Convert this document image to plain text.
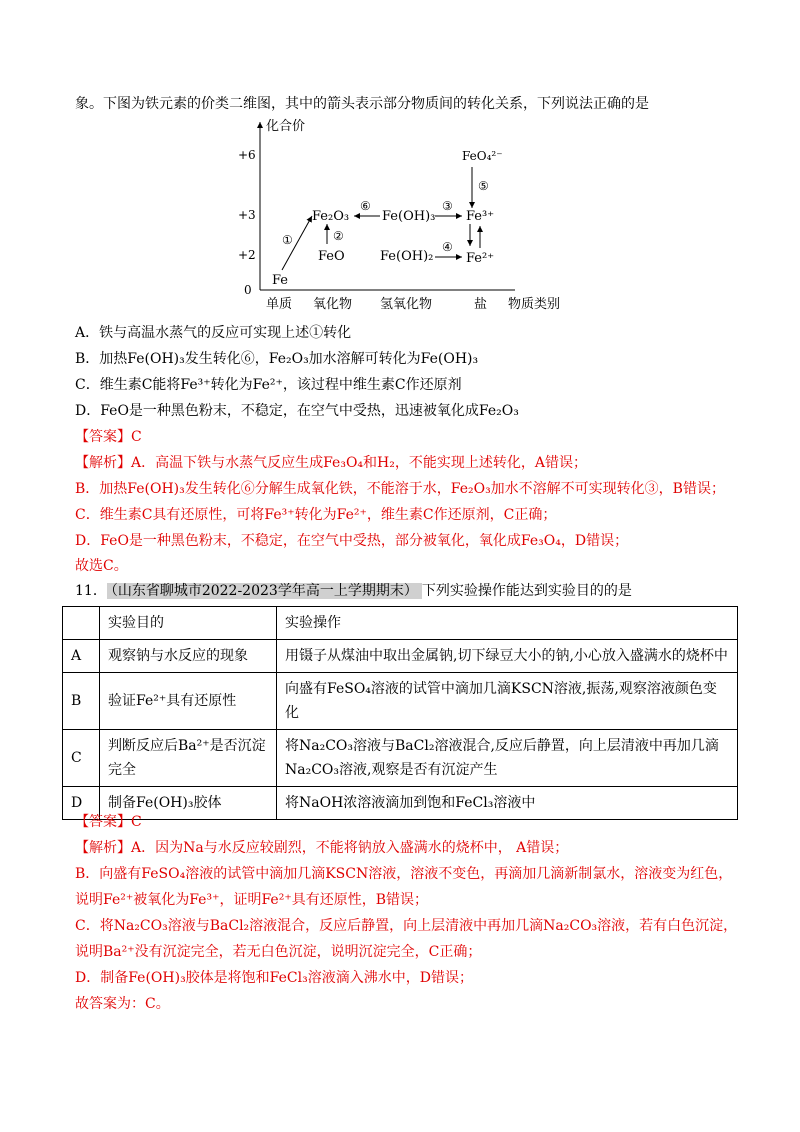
象。下图为铁元素的价类二维图，其中的箭头表示部分物质间的转化关系，下列说法正确的是
化合价
+6
+3
+2
0
单质 氧化物 氢氧化物	盐 物质类别
Fe
Fe₂O₃
FeO
Fe(OH)₃
Fe(OH)₂
Fe³⁺
Fe²⁺
FeO₄²⁻
①	②
⑥	③
④
⑤
A．铁与高温水蒸气的反应可实现上述①转化
B．加热Fe(OH)₃发生转化⑥，Fe₂O₃加水溶解可转化为Fe(OH)₃
C．维生素C能将Fe³⁺转化为Fe²⁺，该过程中维生素C作还原剂
D．FeO是一种黑色粉末，不稳定，在空气中受热，迅速被氧化成Fe₂O₃
【答案】C
【解析】A．高温下铁与水蒸气反应生成Fe₃O₄和H₂，不能实现上述转化，A错误；
B．加热Fe(OH)₃发生转化⑥分解生成氧化铁，不能溶于水，Fe₂O₃加水不溶解不可实现转化③，B错误；
C．维生素C具有还原性，可将Fe³⁺转化为Fe²⁺，维生素C作还原剂，C正确；
D．FeO是一种黑色粉末，不稳定，在空气中受热，部分被氧化，氧化成Fe₃O₄，D错误；
故选C。
11． （山东省聊城市2022-2023学年高一上学期期末） 下列实验操作能达到实验目的的是
	实验目的	实验操作
A	观察钠与水反应的现象	用镊子从煤油中取出金属钠,切下绿豆大小的钠,小心放入盛满水的烧杯中
B	验证Fe²⁺具有还原性	向盛有FeSO₄溶液的试管中滴加几滴KSCN溶液,振荡,观察溶液颜色变化
C	判断反应后Ba²⁺是否沉淀完全	将Na₂CO₃溶液与BaCl₂溶液混合,反应后静置，向上层清液中再加几滴Na₂CO₃溶液,观察是否有沉淀产生
D	制备Fe(OH)₃胶体	将NaOH浓溶液滴加到饱和FeCl₃溶液中
【答案】C
【解析】A．因为Na与水反应较剧烈，不能将钠放入盛满水的烧杯中， A错误；
B．向盛有FeSO₄溶液的试管中滴加几滴KSCN溶液，溶液不变色，再滴加几滴新制氯水，溶液变为红色，
说明Fe²⁺被氧化为Fe³⁺，证明Fe²⁺具有还原性，B错误；
C．将Na₂CO₃溶液与BaCl₂溶液混合，反应后静置，向上层清液中再加几滴Na₂CO₃溶液，若有白色沉淀，
说明Ba²⁺没有沉淀完全，若无白色沉淀，说明沉淀完全，C正确；
D．制备Fe(OH)₃胶体是将饱和FeCl₃溶液滴入沸水中，D错误；
故答案为：C。
